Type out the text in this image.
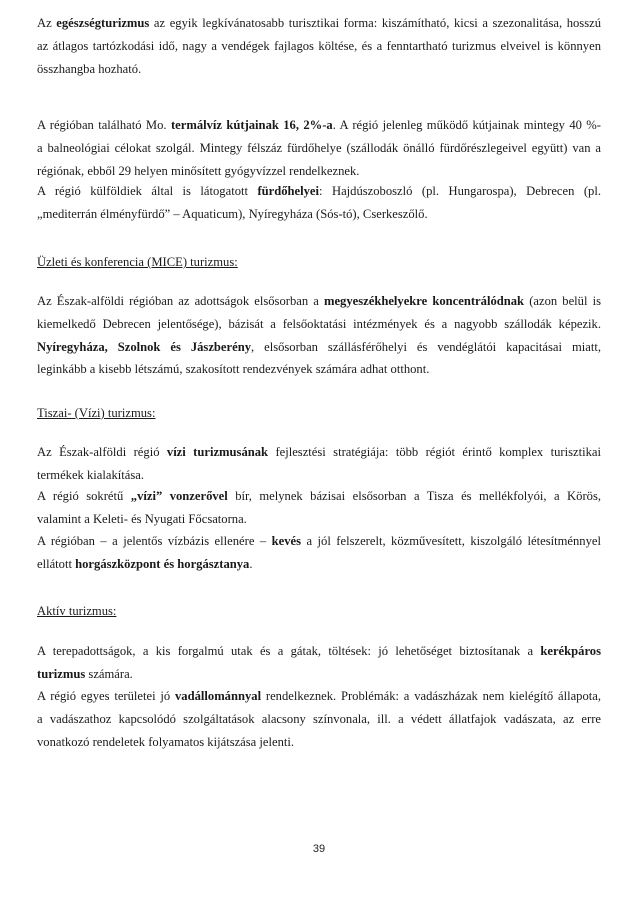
Az egészségturizmus az egyik legkívánatosabb turisztikai forma: kiszámítható, kicsi a szezonalitása, hosszú
az átlagos tartózkodási idő, nagy a vendégek fajlagos költése, és a fenntartható turizmus elveivel is könnyen
összhangba hozható.
A régióban található Mo. termálvíz kútjainak 16, 2%-a. A régió jelenleg működő kútjainak mintegy 40 %-
a balneológiai célokat szolgál. Mintegy félszáz fürdőhelye (szállodák önálló fürdőrészlegeivel együtt) van a
régiónak, ebből 29 helyen minősített gyógyvízzel rendelkeznek.
A régió külföldiek által is látogatott fürdőhelyei: Hajdúszoboszló (pl. Hungarospa), Debrecen (pl.
„mediterrán élményfürdő” – Aquaticum), Nyíregyháza (Sós-tó), Cserkeszőlő.
Üzleti és konferencia (MICE) turizmus:
Az Észak-alföldi régióban az adottságok elsősorban a megyeszékhelyekre koncentrálódnak (azon belül is
kiemelkedő Debrecen jelentősége), bázisát a felsőoktatási intézmények és a nagyobb szállodák képezik.
Nyíregyháza, Szolnok és Jászberény, elsősorban szállásférőhelyi és vendéglátói kapacitásai miatt,
leginkább a kisebb létszámú, szakosított rendezvények számára adhat otthont.
Tiszai- (Vízi) turizmus:
Az Észak-alföldi régió vízi turizmusának fejlesztési stratégiája: több régiót érintő komplex turisztikai
termékek kialakítása.
A régió sokrétű „vízi” vonzerővel bír, melynek bázisai elsősorban a Tisza és mellékfolyói, a Körös,
valamint a Keleti- és Nyugati Főcsatorna.
A régióban – a jelentős vízbázis ellenére – kevés a jól felszerelt, közművesített, kiszolgáló létesítménnyel
ellátott horgászközpont és horgásztanya.
Aktív turizmus:
A terepadottságok, a kis forgalmú utak és a gátak, töltések: jó lehetőséget biztosítanak a kerékpáros
turizmus számára.
A régió egyes területei jó vadállománnyal rendelkeznek. Problémák: a vadászházak nem kielégítő állapota,
a vadászathoz kapcsolódó szolgáltatások alacsony színvonala, ill. a védett állatfajok vadászata, az erre
vonatkozó rendeletek folyamatos kijátszása jelenti.
39
